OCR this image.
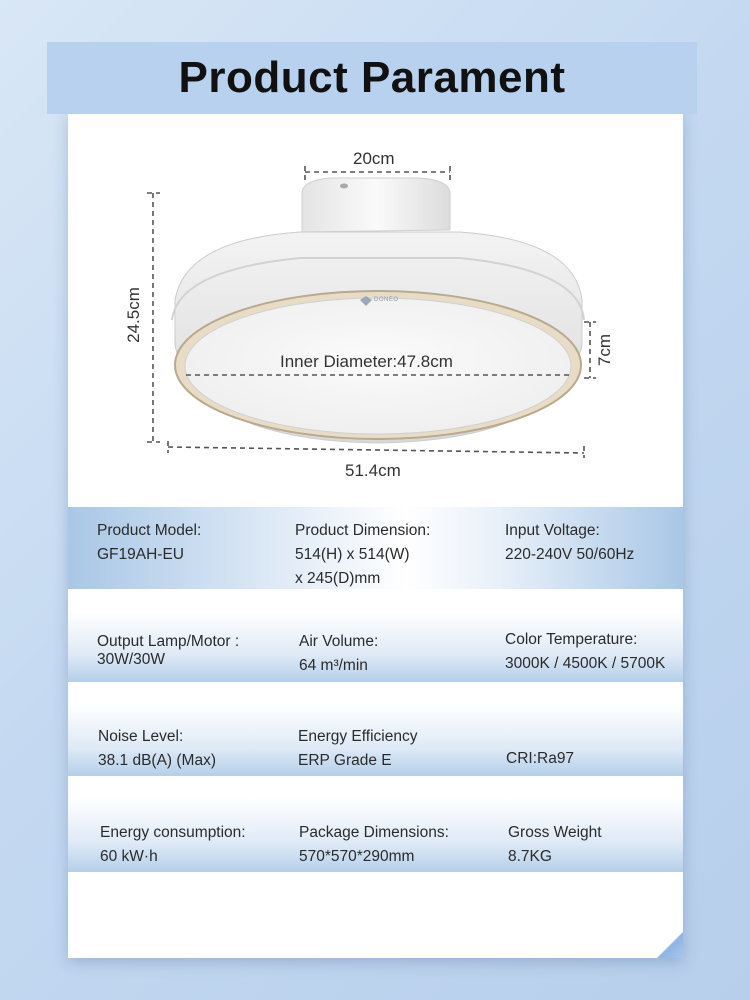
Product Parament
20cm
24.5cm
Inner Diameter:47.8cm	7cm
51.4cm
DONEO
Product Model:
GF19AH-EU
Product Dimension:
514(H) x 514(W)
x 245(D)mm
Input Voltage:
220-240V 50/60Hz
Output Lamp/Motor :
30W/30W
Air Volume:
64 m³/min
Color Temperature:
3000K / 4500K / 5700K
Noise Level:
38.1 dB(A) (Max)
Energy Efficiency
ERP Grade E	CRI:Ra97
Energy consumption:
60 kW·h
Package Dimensions:
570*570*290mm
Gross Weight
8.7KG
